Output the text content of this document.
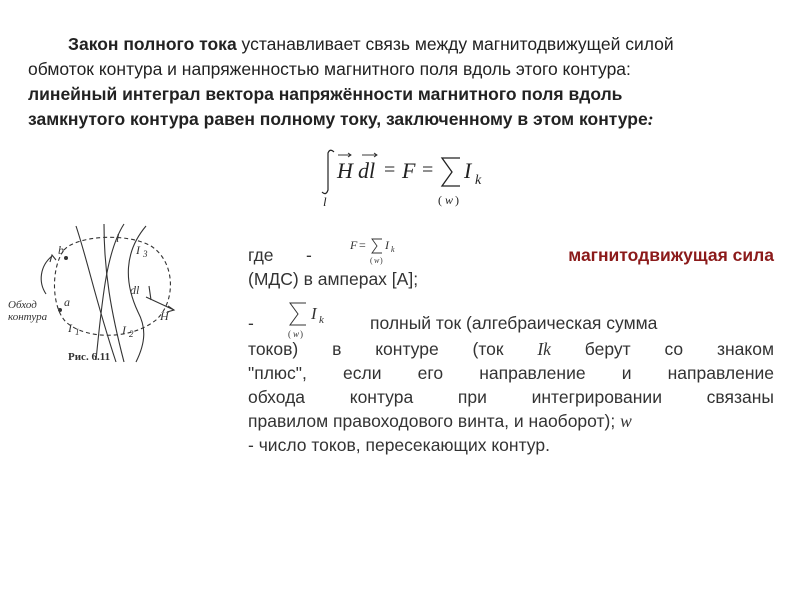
Закон полного тока устанавливает связь между магнитодвижущей силой
обмоток контура и напряженностью магнитного поля вдоль этого контура:
линейный интеграл вектора напряжённости магнитного поля вдоль
замкнутого контура равен полному току, заключенному в этом контуре:
l
H dl = F =
( w )
I k
b
a
l
I 3
I 1	I 2
dl
H
Обход
контура
Рис. 6.11
где -	F =
( w )
I k	магнитодвижущая сила
(МДС) в амперах [А];
-
( w )
I k	полный ток (алгебраическая сумма
токов) в контуре (ток Ik берут со знаком
"плюс", если его направление и направление
обхода контура при интегрировании связаны
правилом правоходового винта, и наоборот); w
- число токов, пересекающих контур.
